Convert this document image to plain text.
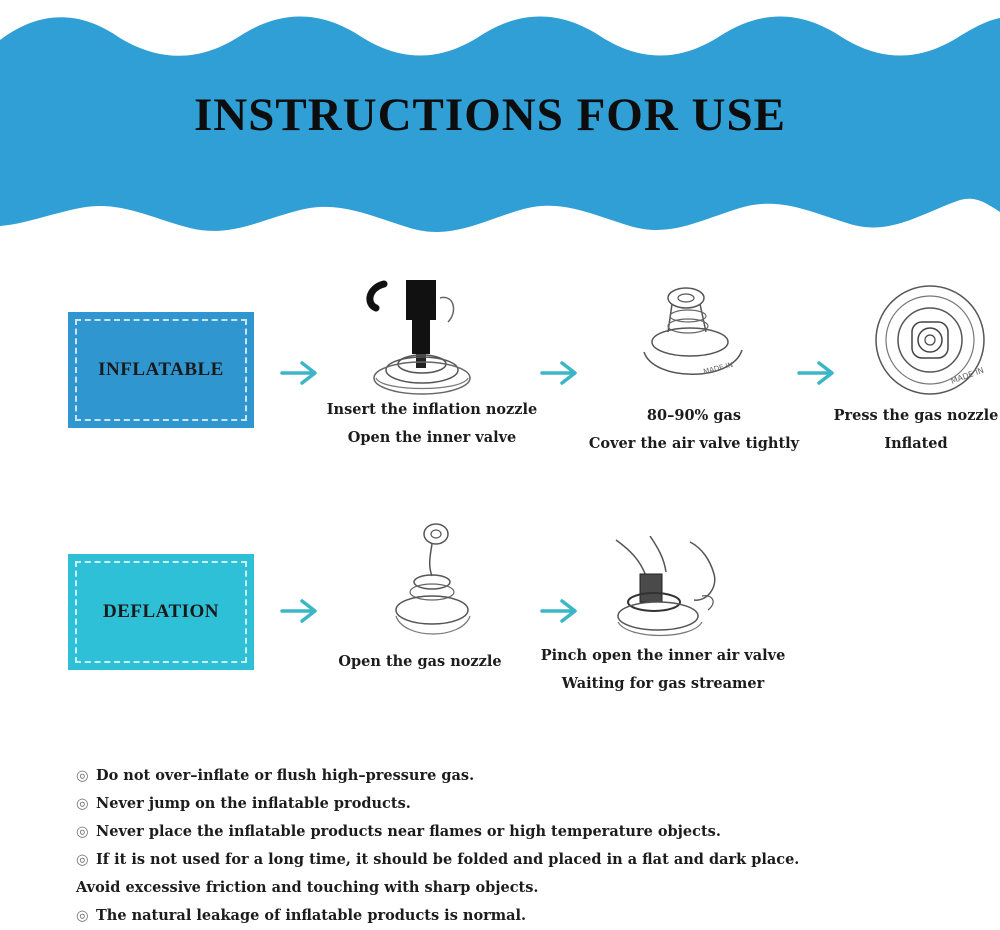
INSTRUCTIONS FOR USE
INFLATABLE
Insert the inflation nozzle
Open the inner valve
MADE IN
80–90% gas
Cover the air valve tightly
MADE IN
Press the gas nozzle
Inflated
DEFLATION
Open the gas nozzle	Pinch open the inner air valve
Waiting for gas streamer
◎ Do not over–inflate or flush high–pressure gas.
◎ Never jump on the inflatable products.
◎ Never place the inflatable products near flames or high temperature objects.
◎ If it is not used for a long time, it should be folded and placed in a flat and dark place.
Avoid excessive friction and touching with sharp objects.
◎ The natural leakage of inflatable products is normal.
